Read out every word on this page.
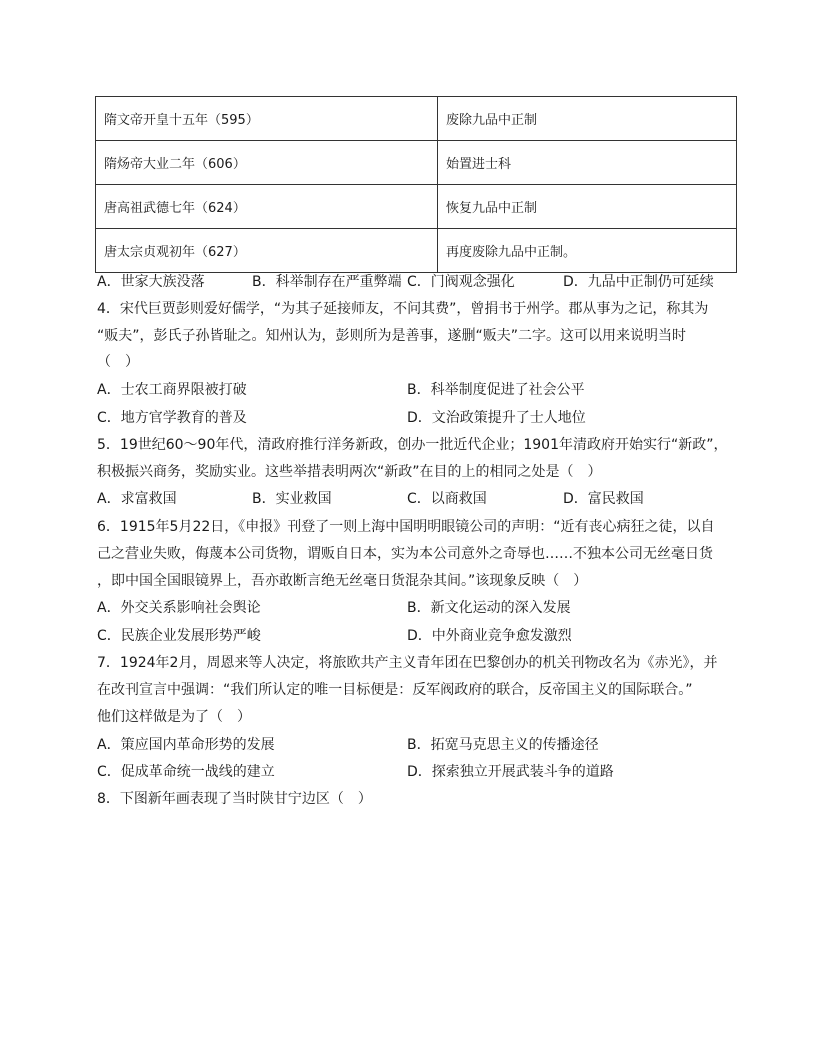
隋文帝开皇十五年（595）	废除九品中正制
隋炀帝大业二年（606）	始置进士科
唐高祖武德七年（624）	恢复九品中正制
唐太宗贞观初年（627）	再度废除九品中正制。
A．世家大族没落	B．科举制存在严重弊端 C．门阀观念强化	D．九品中正制仍可延续
4．宋代巨贾彭则爱好儒学，“为其子延接师友，不问其费”，曾捐书于州学。郡从事为之记，称其为
“贩夫”，彭氏子孙皆耻之。知州认为，彭则所为是善事，遂删“贩夫”二字。这可以用来说明当时
（　）
A．士农工商界限被打破	B．科举制度促进了社会公平
C．地方官学教育的普及	D．文治政策提升了士人地位
5．19世纪60～90年代，清政府推行洋务新政，创办一批近代企业；1901年清政府开始实行“新政”，
积极振兴商务，奖励实业。这些举措表明两次“新政”在目的上的相同之处是（　）
A．求富救国	B．实业救国	C．以商救国	D．富民救国
6．1915年5月22日，《申报》刊登了一则上海中国明明眼镜公司的声明：“近有丧心病狂之徒，以自
己之营业失败，侮蔑本公司货物，谓贩自日本，实为本公司意外之奇辱也……不独本公司无丝毫日货
，即中国全国眼镜界上，吾亦敢断言绝无丝毫日货混杂其间。”该现象反映（　）
A．外交关系影响社会舆论	B．新文化运动的深入发展
C．民族企业发展形势严峻	D．中外商业竞争愈发激烈
7．1924年2月，周恩来等人决定，将旅欧共产主义青年团在巴黎创办的机关刊物改名为《赤光》，并
在改刊宣言中强调：“我们所认定的唯一目标便是：反军阀政府的联合，反帝国主义的国际联合。”
他们这样做是为了（　）
A．策应国内革命形势的发展	B．拓宽马克思主义的传播途径
C．促成革命统一战线的建立	D．探索独立开展武装斗争的道路
8．下图新年画表现了当时陕甘宁边区（　）
